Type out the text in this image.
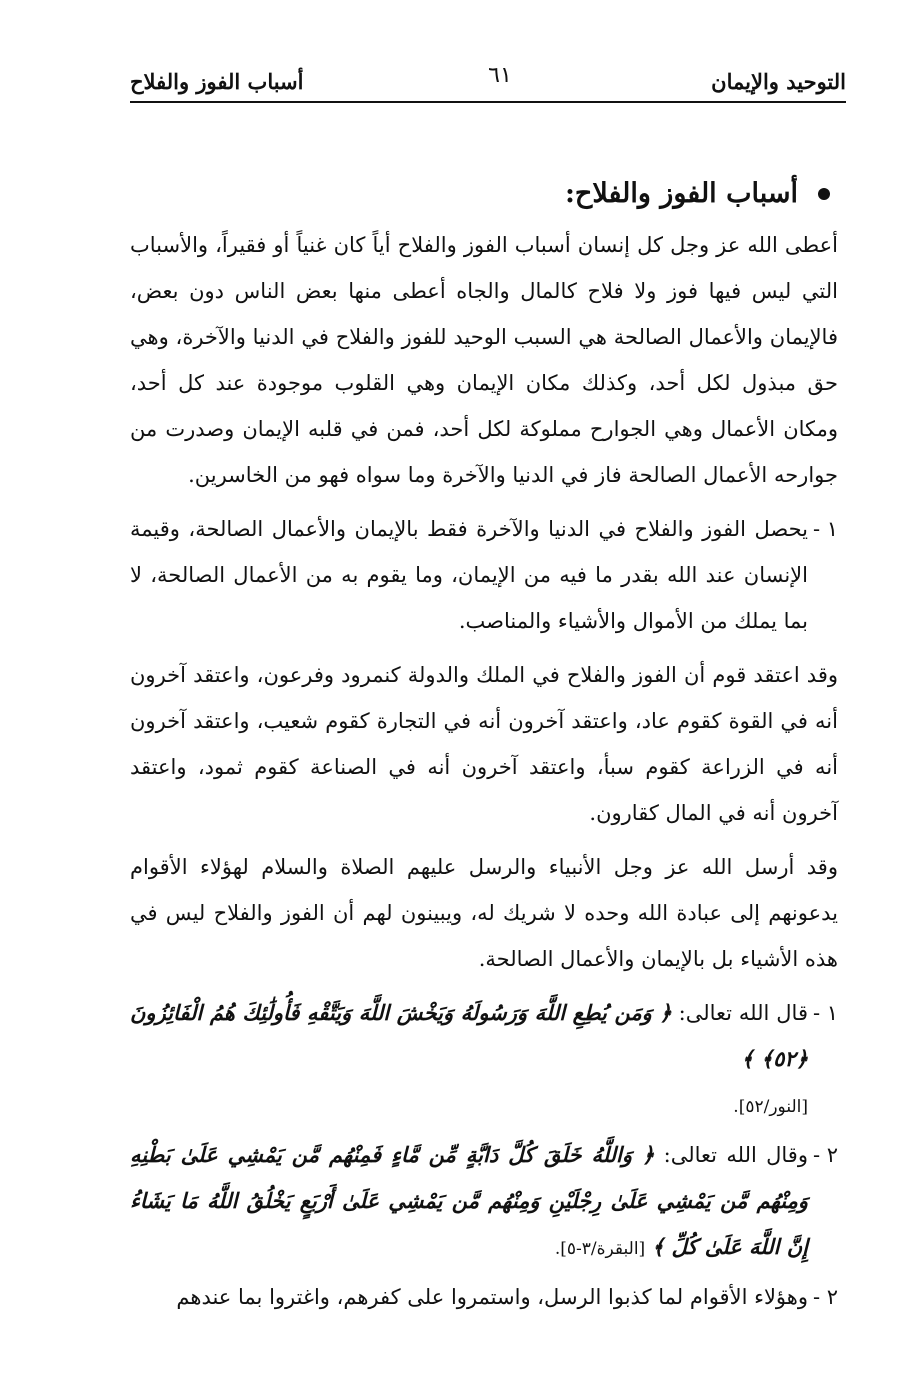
التوحيد والإيمان
٦١
أسباب الفوز والفلاح
أسباب الفوز والفلاح:

أعطى الله عز وجل كل إنسان أسباب الفوز والفلاح أياً كان غنياً أو فقيراً، والأسباب التي ليس فيها فوز ولا فلاح كالمال والجاه أعطى منها بعض الناس دون بعض، فالإيمان والأعمال الصالحة هي السبب الوحيد للفوز والفلاح في الدنيا والآخرة، وهي حق مبذول لكل أحد، وكذلك مكان الإيمان وهي القلوب موجودة عند كل أحد، ومكان الأعمال وهي الجوارح مملوكة لكل أحد، فمن في قلبه الإيمان وصدرت من جوارحه الأعمال الصالحة فاز في الدنيا والآخرة وما سواه فهو من الخاسرين.

١ -
يحصل الفوز والفلاح في الدنيا والآخرة فقط بالإيمان والأعمال الصالحة، وقيمة الإنسان عند الله بقدر ما فيه من الإيمان، وما يقوم به من الأعمال الصالحة، لا بما يملك من الأموال والأشياء والمناصب.

وقد اعتقد قوم أن الفوز والفلاح في الملك والدولة كنمرود وفرعون، واعتقد آخرون أنه في القوة كقوم عاد، واعتقد آخرون أنه في التجارة كقوم شعيب، واعتقد آخرون أنه في الزراعة كقوم سبأ، واعتقد آخرون أنه في الصناعة كقوم ثمود، واعتقد آخرون أنه في المال كقارون.

وقد أرسل الله عز وجل الأنبياء والرسل عليهم الصلاة والسلام لهؤلاء الأقوام يدعونهم إلى عبادة الله وحده لا شريك له، ويبينون لهم أن الفوز والفلاح ليس في هذه الأشياء بل بالإيمان والأعمال الصالحة.

١ -
قال الله تعالى: ﴿ وَمَن يُطِعِ اللَّهَ وَرَسُولَهُ وَيَخْشَ اللَّهَ وَيَتَّقْهِ فَأُولَٰئِكَ هُمُ الْفَائِزُونَ ﴿٥٢﴾ ﴾
[النور/٥٢].
٢ -
وقال الله تعالى: ﴿ وَاللَّهُ خَلَقَ كُلَّ دَابَّةٍ مِّن مَّاءٍ فَمِنْهُم مَّن يَمْشِي عَلَىٰ بَطْنِهِ وَمِنْهُم مَّن يَمْشِي عَلَىٰ رِجْلَيْنِ وَمِنْهُم مَّن يَمْشِي عَلَىٰ أَرْبَعٍ يَخْلُقُ اللَّهُ مَا يَشَاءُ إِنَّ اللَّهَ عَلَىٰ كُلِّ ﴾ [البقرة/٣-٥].
٢ -
وهؤلاء الأقوام لما كذبوا الرسل، واستمروا على كفرهم، واغتروا بما عندهم
